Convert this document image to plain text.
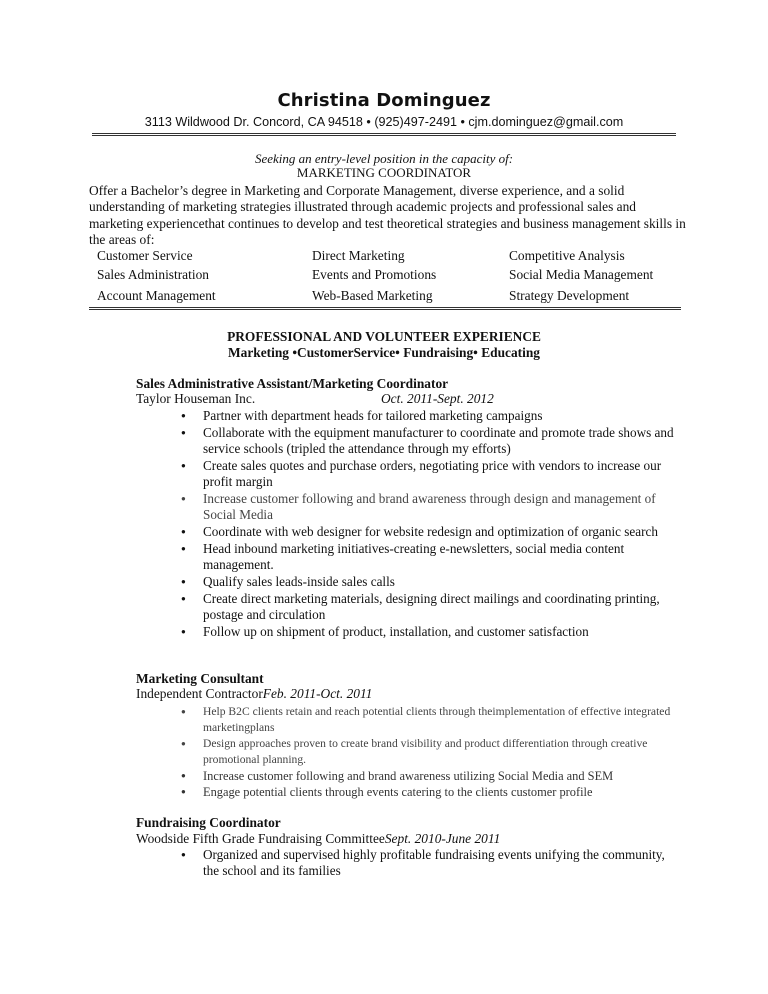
Christina Dominguez
3113 Wildwood Dr. Concord, CA 94518 • (925)497-2491 • cjm.dominguez@gmail.com
Seeking an entry-level position in the capacity of:
MARKETING COORDINATOR
Offer a Bachelor’s degree in Marketing and Corporate Management, diverse experience, and a solid understanding of marketing strategies illustrated through academic projects and professional sales and marketing experiencethat continues to develop and test theoretical strategies and business management skills in the areas of:
Customer Service	Direct Marketing	Competitive Analysis
Sales Administration	Events and Promotions	Social Media Management
Account Management	Web-Based Marketing	Strategy Development
PROFESSIONAL AND VOLUNTEER EXPERIENCE
Marketing •CustomerService• Fundraising• Educating
Sales Administrative Assistant/Marketing Coordinator
Taylor Houseman Inc.	Oct. 2011-Sept. 2012
● Partner with department heads for tailored marketing campaigns
● Collaborate with the equipment manufacturer to coordinate and promote trade shows and service schools (tripled the attendance through my efforts)
● Create sales quotes and purchase orders, negotiating price with vendors to increase our profit margin
● Increase customer following and brand awareness through design and management of Social Media
● Coordinate with web designer for website redesign and optimization of organic search
● Head inbound marketing initiatives-creating e-newsletters, social media content management.
● Qualify sales leads-inside sales calls
● Create direct marketing materials, designing direct mailings and coordinating printing, postage and circulation
● Follow up on shipment of product, installation, and customer satisfaction
Marketing Consultant
Independent ContractorFeb. 2011-Oct. 2011
● Help B2C clients retain and reach potential clients through theimplementation of effective integrated marketingplans
● Design approaches proven to create brand visibility and product differentiation through creative promotional planning.
● Increase customer following and brand awareness utilizing Social Media and SEM
● Engage potential clients through events catering to the clients customer profile
Fundraising Coordinator
Woodside Fifth Grade Fundraising CommitteeSept. 2010-June 2011
● Organized and supervised highly profitable fundraising events unifying the community, the school and its families
